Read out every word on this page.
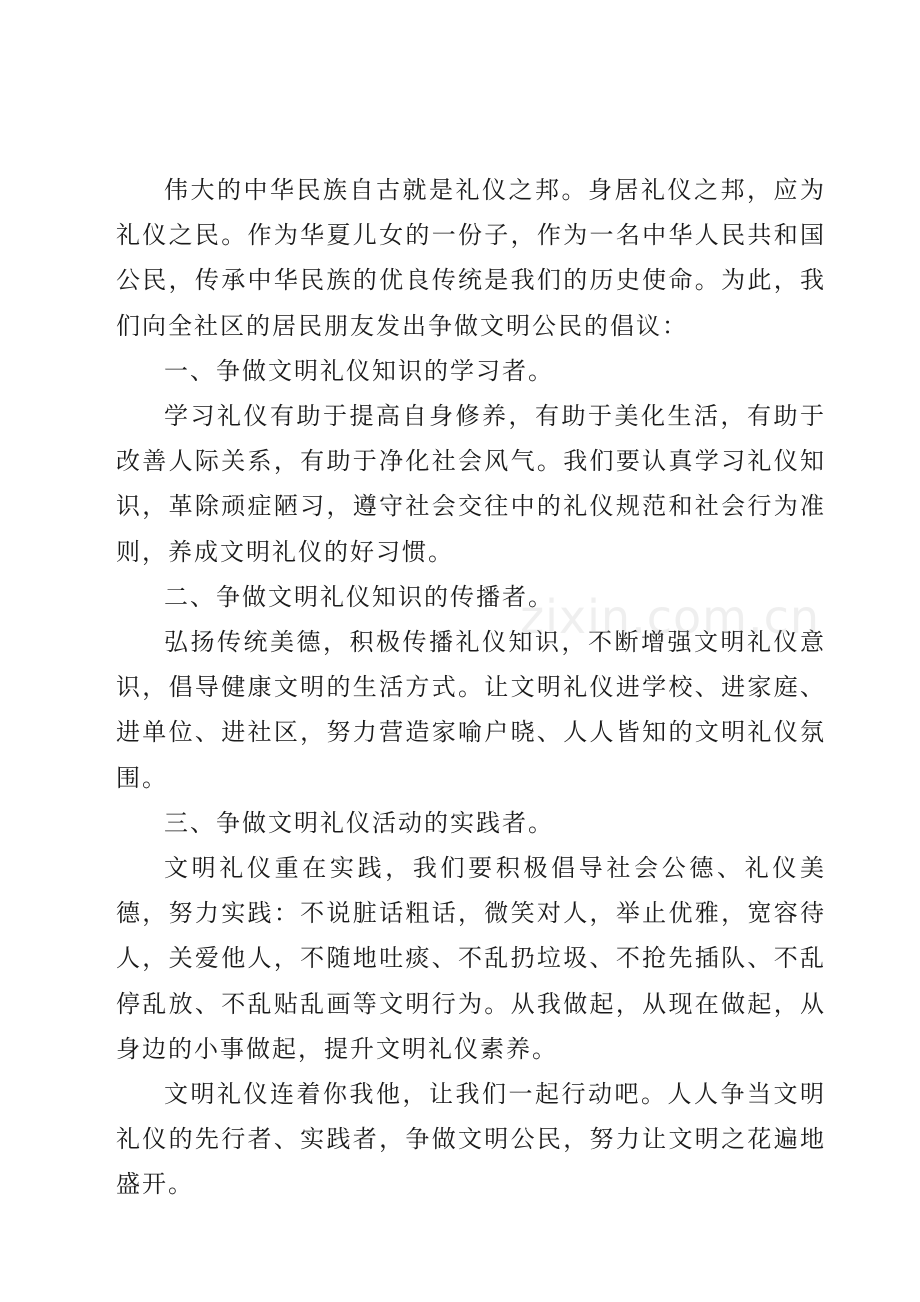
伟大的中华民族自古就是礼仪之邦。身居礼仪之邦，应为礼仪之民。作为华夏儿女的一份子，作为一名中华人民共和国公民，传承中华民族的优良传统是我们的历史使命。为此，我们向全社区的居民朋友发出争做文明公民的倡议：

一、争做文明礼仪知识的学习者。

学习礼仪有助于提高自身修养，有助于美化生活，有助于改善人际关系，有助于净化社会风气。我们要认真学习礼仪知识，革除顽症陋习，遵守社会交往中的礼仪规范和社会行为准则，养成文明礼仪的好习惯。

二、争做文明礼仪知识的传播者。

弘扬传统美德，积极传播礼仪知识，不断增强文明礼仪意识，倡导健康文明的生活方式。让文明礼仪进学校、进家庭、进单位、进社区，努力营造家喻户晓、人人皆知的文明礼仪氛围。

三、争做文明礼仪活动的实践者。

文明礼仪重在实践，我们要积极倡导社会公德、礼仪美德，努力实践：不说脏话粗话，微笑对人，举止优雅，宽容待人，关爱他人，不随地吐痰、不乱扔垃圾、不抢先插队、不乱停乱放、不乱贴乱画等文明行为。从我做起，从现在做起，从身边的小事做起，提升文明礼仪素养。

文明礼仪连着你我他，让我们一起行动吧。人人争当文明礼仪的先行者、实践者，争做文明公民，努力让文明之花遍地盛开。

zixin.com.cn
